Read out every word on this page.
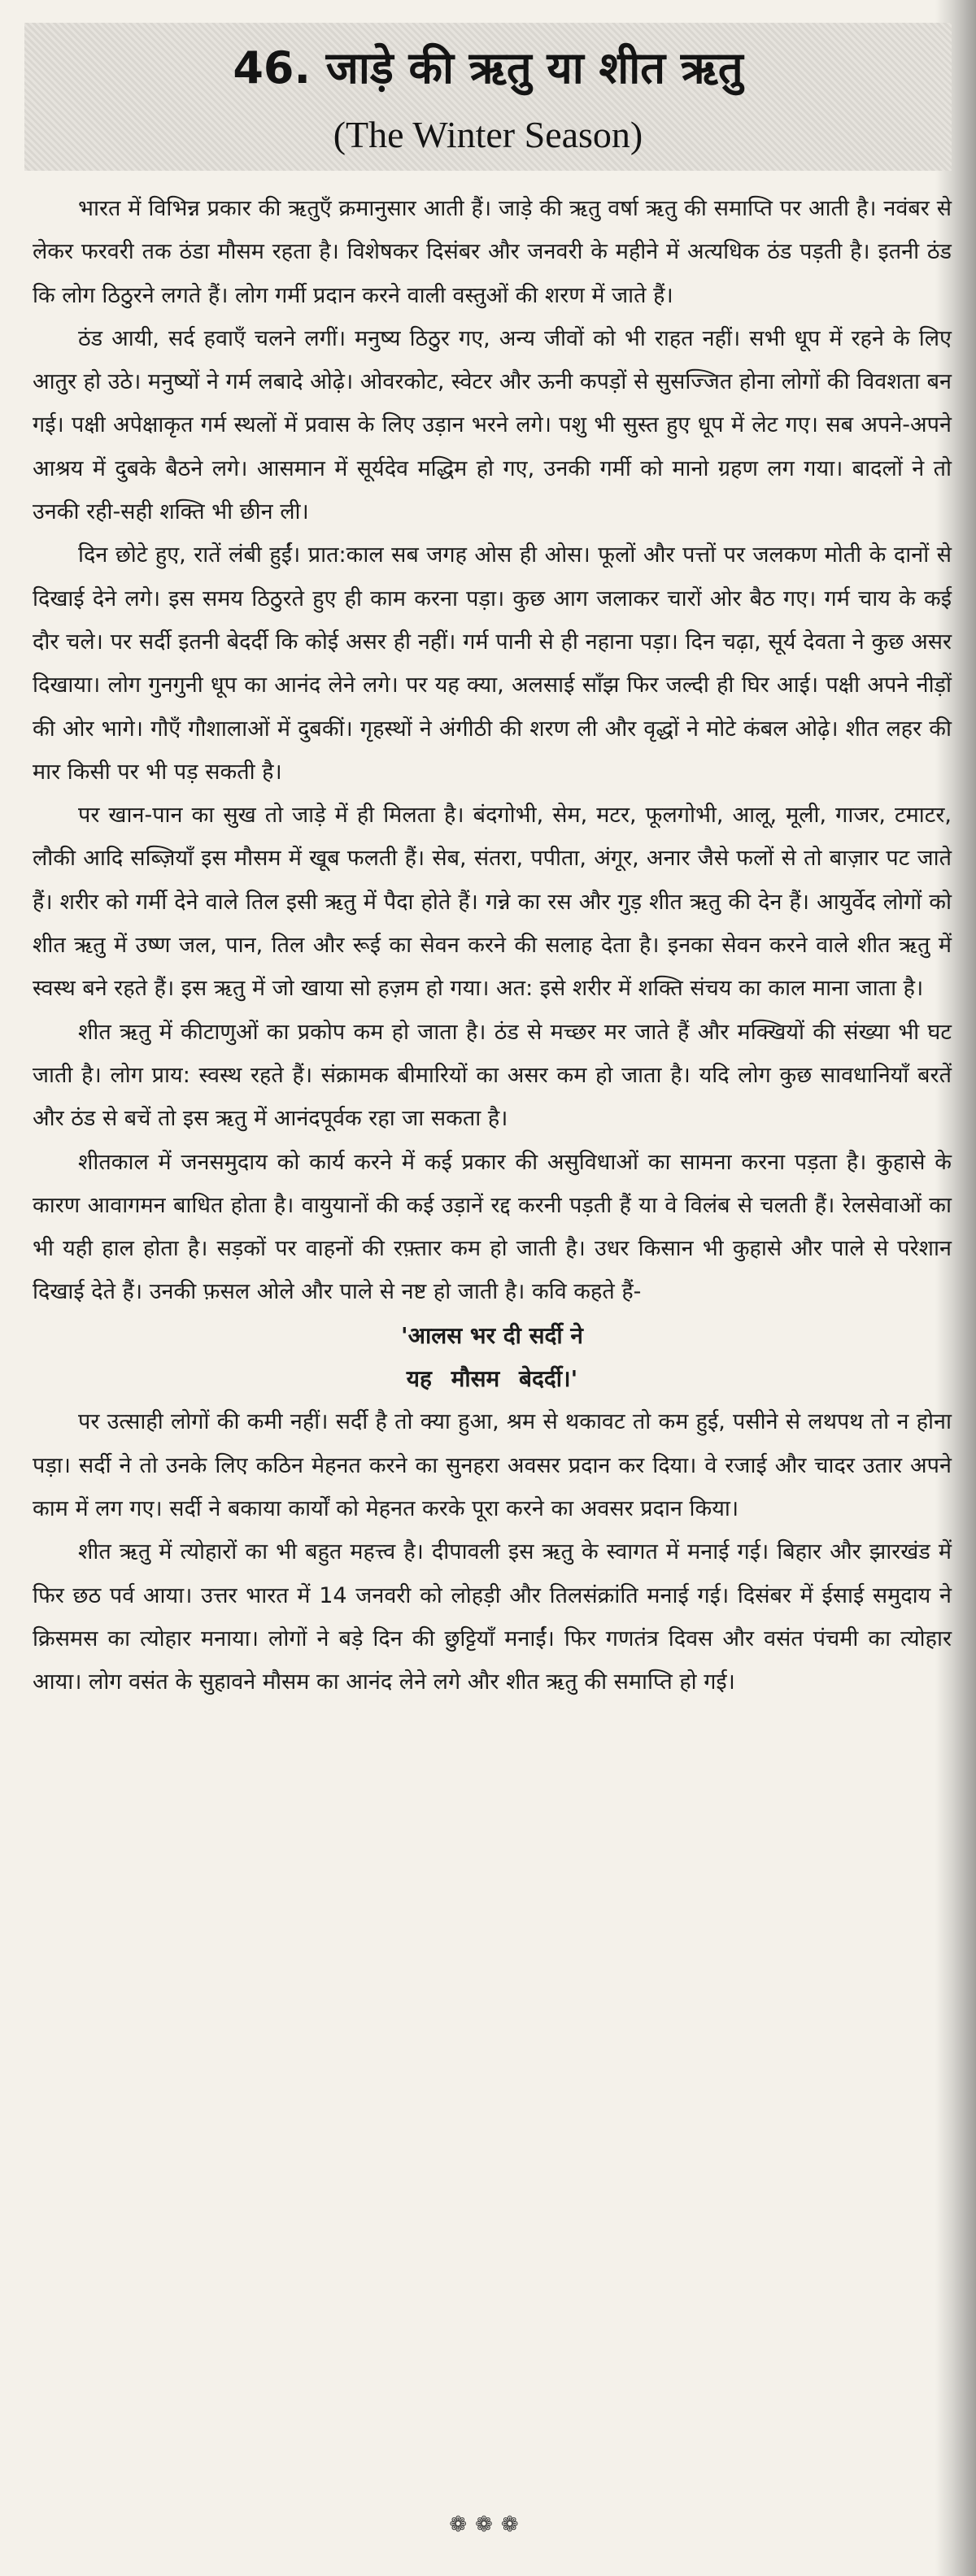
46. जाड़े की ऋतु या शीत ऋतु
(The Winter Season)

भारत में विभिन्न प्रकार की ऋतुएँ क्रमानुसार आती हैं। जाड़े की ऋतु वर्षा ऋतु की समाप्ति पर आती है। नवंबर से लेकर फरवरी तक ठंडा मौसम रहता है। विशेषकर दिसंबर और जनवरी के महीने में अत्यधिक ठंड पड़ती है। इतनी ठंड कि लोग ठिठुरने लगते हैं। लोग गर्मी प्रदान करने वाली वस्तुओं की शरण में जाते हैं।

ठंड आयी, सर्द हवाएँ चलने लगीं। मनुष्य ठिठुर गए, अन्य जीवों को भी राहत नहीं। सभी धूप में रहने के लिए आतुर हो उठे। मनुष्यों ने गर्म लबादे ओढ़े। ओवरकोट, स्वेटर और ऊनी कपड़ों से सुसज्जित होना लोगों की विवशता बन गई। पक्षी अपेक्षाकृत गर्म स्थलों में प्रवास के लिए उड़ान भरने लगे। पशु भी सुस्त हुए धूप में लेट गए। सब अपने-अपने आश्रय में दुबके बैठने लगे। आसमान में सूर्यदेव मद्धिम हो गए, उनकी गर्मी को मानो ग्रहण लग गया। बादलों ने तो उनकी रही-सही शक्ति भी छीन ली।

दिन छोटे हुए, रातें लंबी हुईं। प्रात:काल सब जगह ओस ही ओस। फूलों और पत्तों पर जलकण मोती के दानों से दिखाई देने लगे। इस समय ठिठुरते हुए ही काम करना पड़ा। कुछ आग जलाकर चारों ओर बैठ गए। गर्म चाय के कई दौर चले। पर सर्दी इतनी बेदर्दी कि कोई असर ही नहीं। गर्म पानी से ही नहाना पड़ा। दिन चढ़ा, सूर्य देवता ने कुछ असर दिखाया। लोग गुनगुनी धूप का आनंद लेने लगे। पर यह क्या, अलसाई साँझ फिर जल्दी ही घिर आई। पक्षी अपने नीड़ों की ओर भागे। गौएँ गौशालाओं में दुबकीं। गृहस्थों ने अंगीठी की शरण ली और वृद्धों ने मोटे कंबल ओढ़े। शीत लहर की मार किसी पर भी पड़ सकती है।

पर खान-पान का सुख तो जाड़े में ही मिलता है। बंदगोभी, सेम, मटर, फूलगोभी, आलू, मूली, गाजर, टमाटर, लौकी आदि सब्ज़ियाँ इस मौसम में खूब फलती हैं। सेब, संतरा, पपीता, अंगूर, अनार जैसे फलों से तो बाज़ार पट जाते हैं। शरीर को गर्मी देने वाले तिल इसी ऋतु में पैदा होते हैं। गन्ने का रस और गुड़ शीत ऋतु की देन हैं। आयुर्वेद लोगों को शीत ऋतु में उष्ण जल, पान, तिल और रूई का सेवन करने की सलाह देता है। इनका सेवन करने वाले शीत ऋतु में स्वस्थ बने रहते हैं। इस ऋतु में जो खाया सो हज़म हो गया। अत: इसे शरीर में शक्ति संचय का काल माना जाता है।

शीत ऋतु में कीटाणुओं का प्रकोप कम हो जाता है। ठंड से मच्छर मर जाते हैं और मक्खियों की संख्या भी घट जाती है। लोग प्राय: स्वस्थ रहते हैं। संक्रामक बीमारियों का असर कम हो जाता है। यदि लोग कुछ सावधानियाँ बरतें और ठंड से बचें तो इस ऋतु में आनंदपूर्वक रहा जा सकता है।

शीतकाल में जनसमुदाय को कार्य करने में कई प्रकार की असुविधाओं का सामना करना पड़ता है। कुहासे के कारण आवागमन बाधित होता है। वायुयानों की कई उड़ानें रद्द करनी पड़ती हैं या वे विलंब से चलती हैं। रेलसेवाओं का भी यही हाल होता है। सड़कों पर वाहनों की रफ़्तार कम हो जाती है। उधर किसान भी कुहासे और पाले से परेशान दिखाई देते हैं। उनकी फ़सल ओले और पाले से नष्ट हो जाती है। कवि कहते हैं-

'आलस भर दी सर्दी ने
यह मौसम बेदर्दी।'

पर उत्साही लोगों की कमी नहीं। सर्दी है तो क्या हुआ, श्रम से थकावट तो कम हुई, पसीने से लथपथ तो न होना पड़ा। सर्दी ने तो उनके लिए कठिन मेहनत करने का सुनहरा अवसर प्रदान कर दिया। वे रजाई और चादर उतार अपने काम में लग गए। सर्दी ने बकाया कार्यों को मेहनत करके पूरा करने का अवसर प्रदान किया।

शीत ऋतु में त्योहारों का भी बहुत महत्त्व है। दीपावली इस ऋतु के स्वागत में मनाई गई। बिहार और झारखंड में फिर छठ पर्व आया। उत्तर भारत में 14 जनवरी को लोहड़ी और तिलसंक्रांति मनाई गई। दिसंबर में ईसाई समुदाय ने क्रिसमस का त्योहार मनाया। लोगों ने बड़े दिन की छुट्टियाँ मनाईं। फिर गणतंत्र दिवस और वसंत पंचमी का त्योहार आया। लोग वसंत के सुहावने मौसम का आनंद लेने लगे और शीत ऋतु की समाप्ति हो गई।

❁❁❁
